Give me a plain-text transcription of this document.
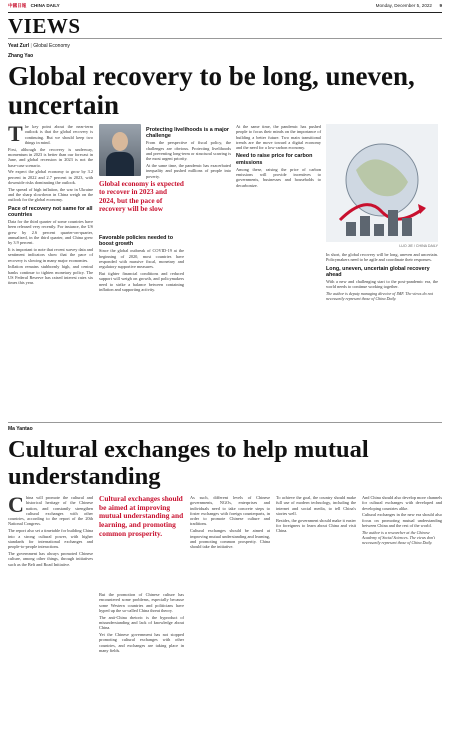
中國日報 CHINA DAILY	Monday, December 5, 2022 9
VIEWS
Yeat Zurl | Global Economy
Zhang Yao
Global recovery to be long, uneven, uncertain

The key point about the near-term outlook is that the global recovery is continuing. But we should keep two things in mind.

First, although the recovery is underway, momentum in 2023 is better than our forecast in June, and global recession in 2023 is not the base-case scenario.

We expect the global economy to grow by 3.2 percent in 2022 and 2.7 percent in 2023, with downside risks dominating the outlook.

The spread of high inflation, the war in Ukraine and the sharp slowdown in China weigh on the outlook for the global economy.

Pace of recovery not same for all countries

Data for the third quarter of some countries have been released very recently. For instance, the US grew by 2.6 percent quarter-on-quarter, annualized, in the third quarter, and China grew by 3.9 percent.

It is important to note that recent survey data and sentiment indicators show that the pace of recovery is slowing in many major economies.

Inflation remains stubbornly high, and central banks continue to tighten monetary policy. The US Federal Reserve has raised interest rates six times this year.

Global economy is expected to recover in 2023 and 2024, but the pace of recovery will be slow
Favorable policies needed to boost growth

Since the global outbreak of COVID-19 at the beginning of 2020, most countries have responded with massive fiscal, monetary and regulatory supportive measures.

But tighter financial conditions and reduced support will weigh on growth, and policymakers need to strike a balance between containing inflation and supporting activity.

Protecting livelihoods is a major challenge

From the perspective of fiscal policy, the challenges are obvious. Protecting livelihoods and preventing long-term or structural scarring is the most urgent priority.

At the same time, the pandemic has exacerbated inequality and pushed millions of people into poverty.

At the same time, the pandemic has pushed people to focus their minds on the importance of building a better future. Two main transitional trends are the move toward a digital economy and the need for a low-carbon economy.

Need to raise price for carbon emissions

Among these, raising the price of carbon emissions will provide incentives to governments, businesses and households to decarbonize.

LUO JIE / CHINA DAILY

In short, the global recovery will be long, uneven and uncertain. Policymakers need to be agile and coordinate their responses.

Long, uneven, uncertain global recovery ahead

With a new and challenging start to the post-pandemic era, the world needs to continue working together.

The author is deputy managing director of IMF. The views do not necessarily represent those of China Daily.

Ma Yantao
Cultural exchanges to help mutual understanding

China will promote the cultural and historical heritage of the Chinese nation, and constantly strengthen cultural exchanges with other countries, according to the report of the 20th National Congress.

The report also set a timetable for building China into a strong cultural power, with higher standards for international exchanges and people-to-people interactions.

The government has always promoted Chinese culture, among other things, through initiatives such as the Belt and Road Initiative.

Cultural exchanges should be aimed at improving mutual understanding and learning, and promoting common prosperity.

But the promotion of Chinese culture has encountered some problems, especially because some Western countries and politicians have hyped up the so-called China threat theory.

The anti-China rhetoric is the byproduct of misunderstanding and lack of knowledge about China.

Yet the Chinese government has not stopped promoting cultural exchanges with other countries, and exchanges are taking place in many fields.

As such, different levels of Chinese governments, NGOs, enterprises and individuals need to take concrete steps to foster exchanges with foreign counterparts, in order to promote Chinese culture and traditions.

Cultural exchanges should be aimed at improving mutual understanding and learning, and promoting common prosperity. China should take the initiative.

To achieve the goal, the country should make full use of modern technology, including the internet and social media, to tell China's stories well.

Besides, the government should make it easier for foreigners to learn about China and visit China.

And China should also develop more channels for cultural exchanges with developed and developing countries alike.

Cultural exchanges in the new era should also focus on promoting mutual understanding between China and the rest of the world.

The author is a researcher at the Chinese Academy of Social Sciences. The views don't necessarily represent those of China Daily.
